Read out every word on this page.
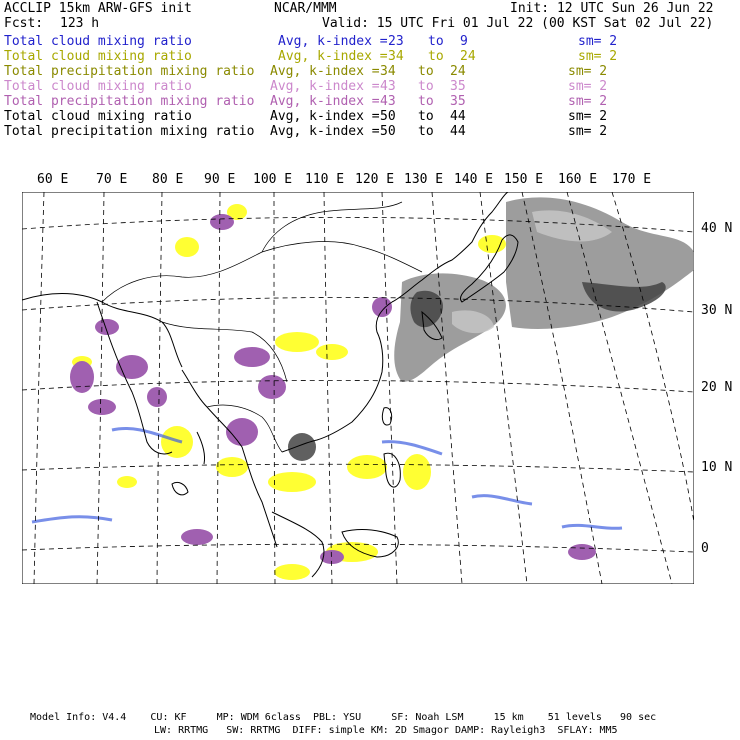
ACCLIP 15km ARW-GFS init	NCAR/MMM	Init: 12 UTC Sun 26 Jun 22
Fcst: 123 h	Valid: 15 UTC Fri 01 Jul 22 (00 KST Sat 02 Jul 22)
Total cloud mixing ratio	Avg, k-index = 23 to 9	sm= 2
Total cloud mixing ratio	Avg, k-index = 34 to 24	sm= 2
Total precipitation mixing ratio Avg, k-index = 34 to 24	sm= 2
Total cloud mixing ratio	Avg, k-index = 43 to 35	sm= 2
Total precipitation mixing ratio Avg, k-index = 43 to 35	sm= 2
Total cloud mixing ratio	Avg, k-index = 50 to 44	sm= 2
Total precipitation mixing ratio Avg, k-index = 50 to 44	sm= 2
60 E 70 E 80 E 90 E 100 E 110 E 120 E 130 E 140 E 150 E 160 E 170 E
40 N
30 N
20 N
10 N
0
Model Info: V4.4    CU: KF     MP: WDM 6class  PBL: YSU     SF: Noah LSM     15 km    51 levels   90 sec
LW: RRTMG   SW: RRTMG  DIFF: simple KM: 2D Smagor DAMP: Rayleigh3  SFLAY: MM5
